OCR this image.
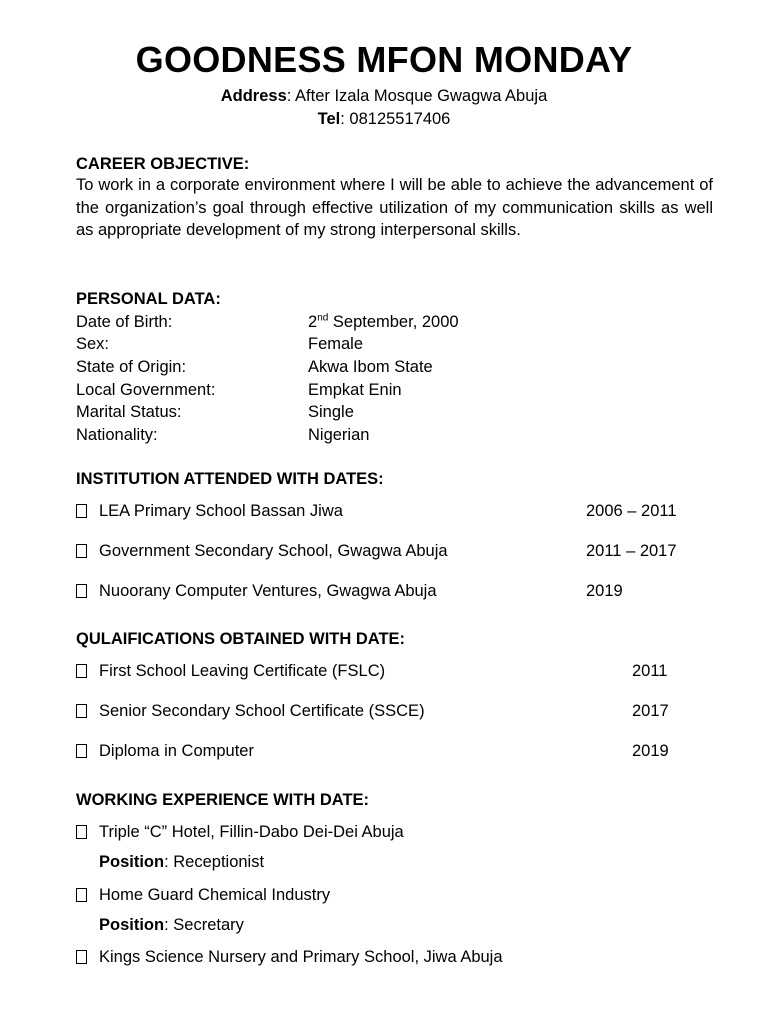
GOODNESS MFON MONDAY
Address: After Izala Mosque Gwagwa Abuja
Tel: 08125517406
CAREER OBJECTIVE:
To work in a corporate environment where I will be able to achieve the advancement of the organization’s goal through effective utilization of my communication skills as well as appropriate development of my strong interpersonal skills.
PERSONAL DATA:
Date of Birth:	2nd September, 2000
Sex:	Female
State of Origin:	Akwa Ibom State
Local Government:	Empkat Enin
Marital Status:	Single
Nationality:	Nigerian
INSTITUTION ATTENDED WITH DATES:
LEA Primary School Bassan Jiwa	2006 – 2011
Government Secondary School, Gwagwa Abuja	2011 – 2017
Nuoorany Computer Ventures, Gwagwa Abuja	2019
QULAIFICATIONS OBTAINED WITH DATE:
First School Leaving Certificate (FSLC)	2011
Senior Secondary School Certificate (SSCE)	2017
Diploma in Computer	2019
WORKING EXPERIENCE WITH DATE:
Triple “C” Hotel, Fillin-Dabo Dei-Dei Abuja
Position: Receptionist
Home Guard Chemical Industry
Position: Secretary
Kings Science Nursery and Primary School, Jiwa Abuja
